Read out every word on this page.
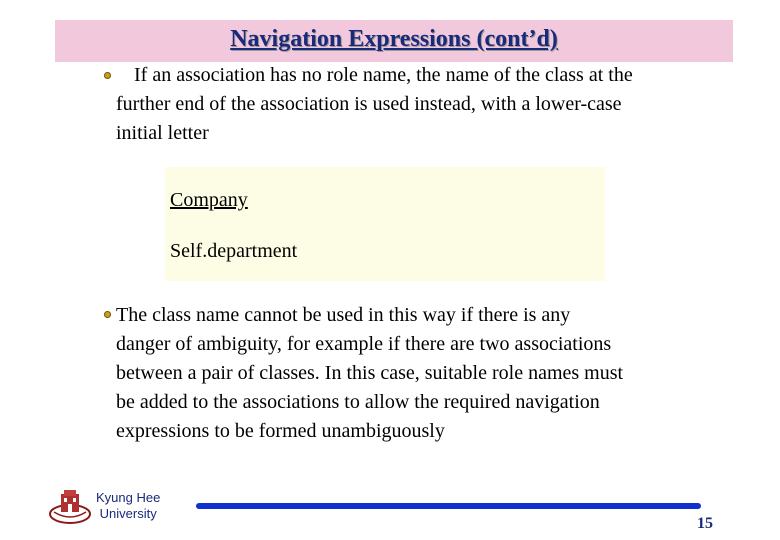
Navigation Expressions (cont’d)
If an association has no role name, the name of the class at the
further end of the association is used instead, with a lower-case
initial letter
Company
Self.department
The class name cannot be used in this way if there is any
danger of ambiguity, for example if there are two associations
between a pair of classes. In this case, suitable role names must
be added to the associations to allow the required navigation
expressions to be formed unambiguously
Kyung Hee
University
15
